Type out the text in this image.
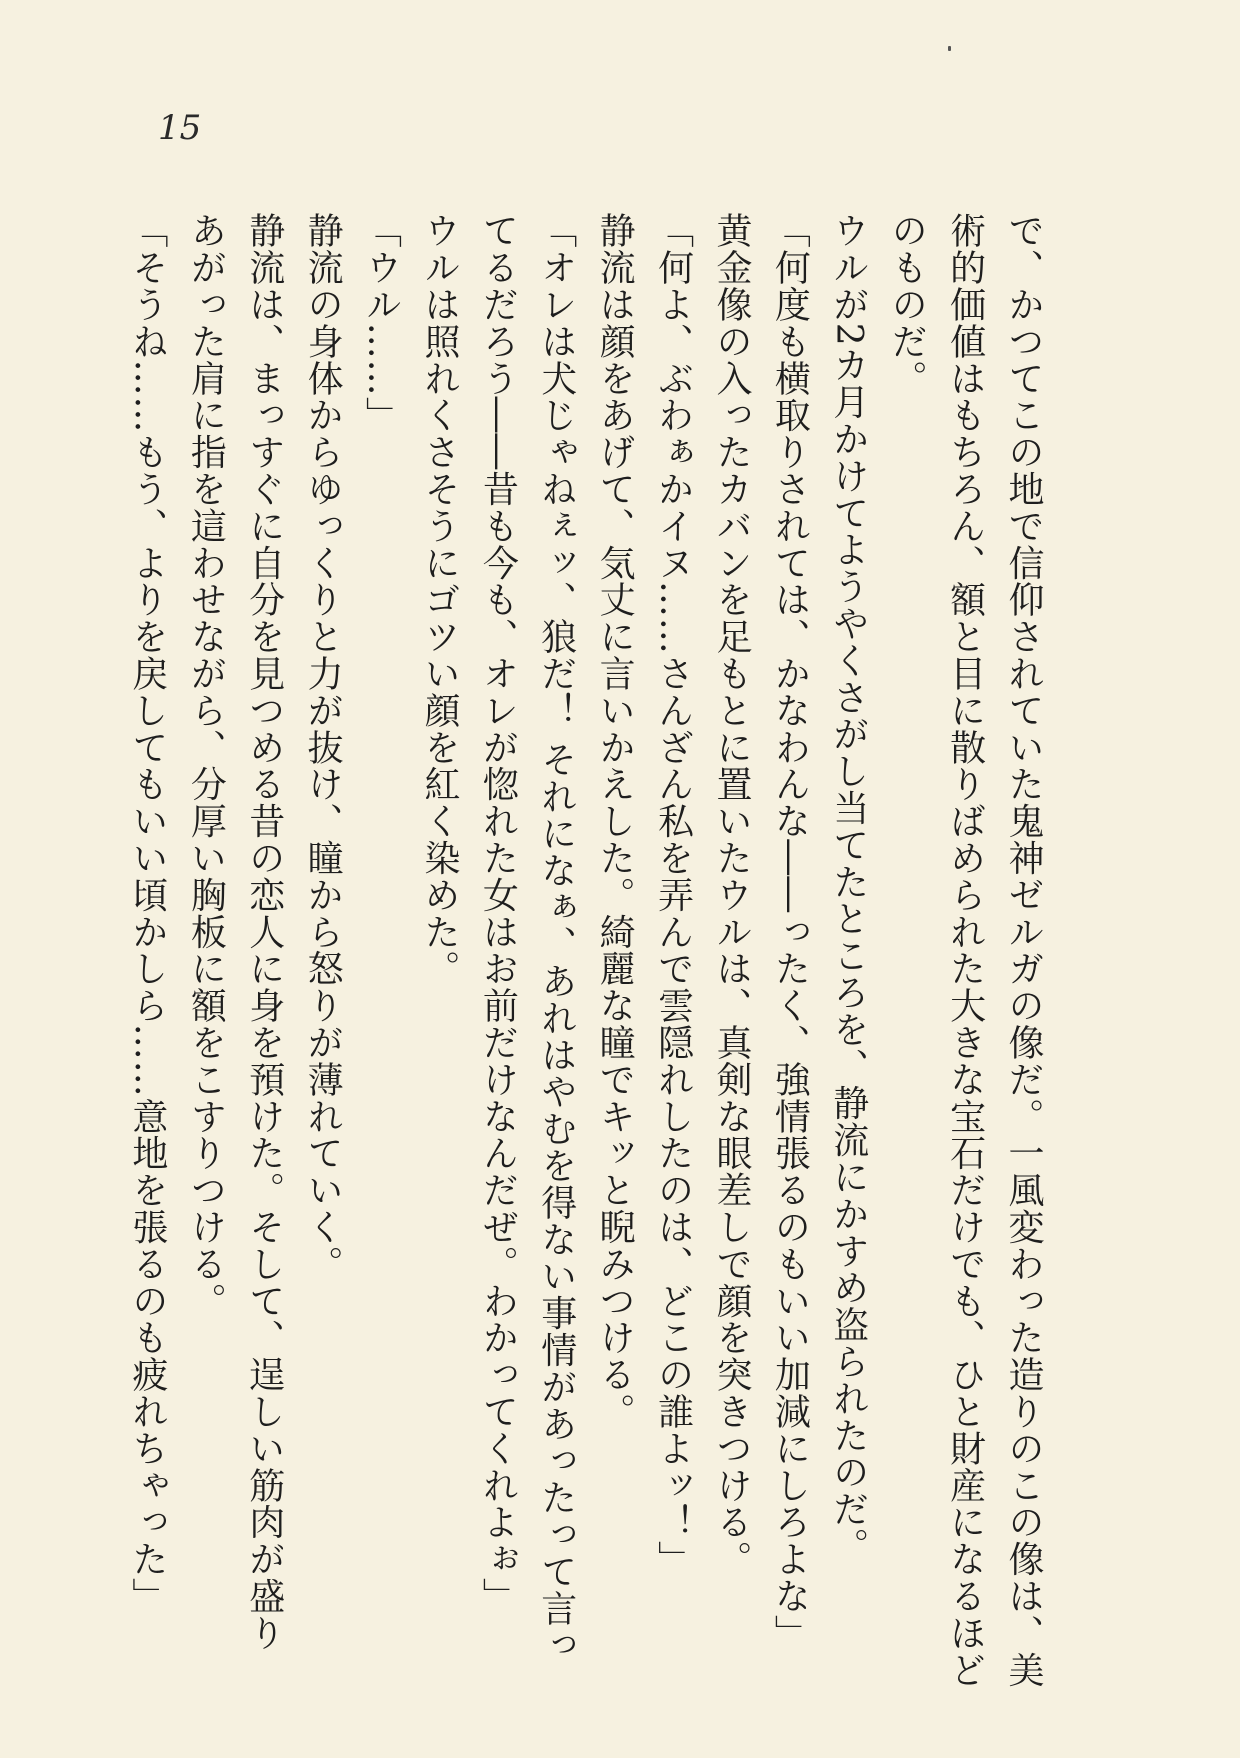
15

で、かつてこの地で信仰されていた鬼神ゼルガの像だ。一風変わった造りのこの像は、美

術的価値はもちろん、額と目に散りばめられた大きな宝石だけでも、ひと財産になるほど

のものだ。

ウルが2カ月かけてようやくさがし当てたところを、静流にかすめ盗られたのだ。

「何度も横取りされては、かなわんな――ったく、強情張るのもいい加減にしろよな」

黄金像の入ったカバンを足もとに置いたウルは、真剣な眼差しで顔を突きつける。

「何よ、ぶわぁかイヌ……さんざん私を弄んで雲隠れしたのは、どこの誰よッ！」

静流は顔をあげて、気丈に言いかえした。綺麗な瞳でキッと睨みつける。

「オレは犬じゃねぇッ、狼だ！ それになぁ、あれはやむを得ない事情があったって言っ

てるだろう――昔も今も、オレが惚れた女はお前だけなんだぜ。わかってくれよぉ」

ウルは照れくさそうにゴツい顔を紅く染めた。

「ウル……」

静流の身体からゆっくりと力が抜け、瞳から怒りが薄れていく。

静流は、まっすぐに自分を見つめる昔の恋人に身を預けた。そして、逞しい筋肉が盛り

あがった肩に指を這わせながら、分厚い胸板に額をこすりつける。

「そうね……もう、よりを戻してもいい頃かしら……意地を張るのも疲れちゃった」
